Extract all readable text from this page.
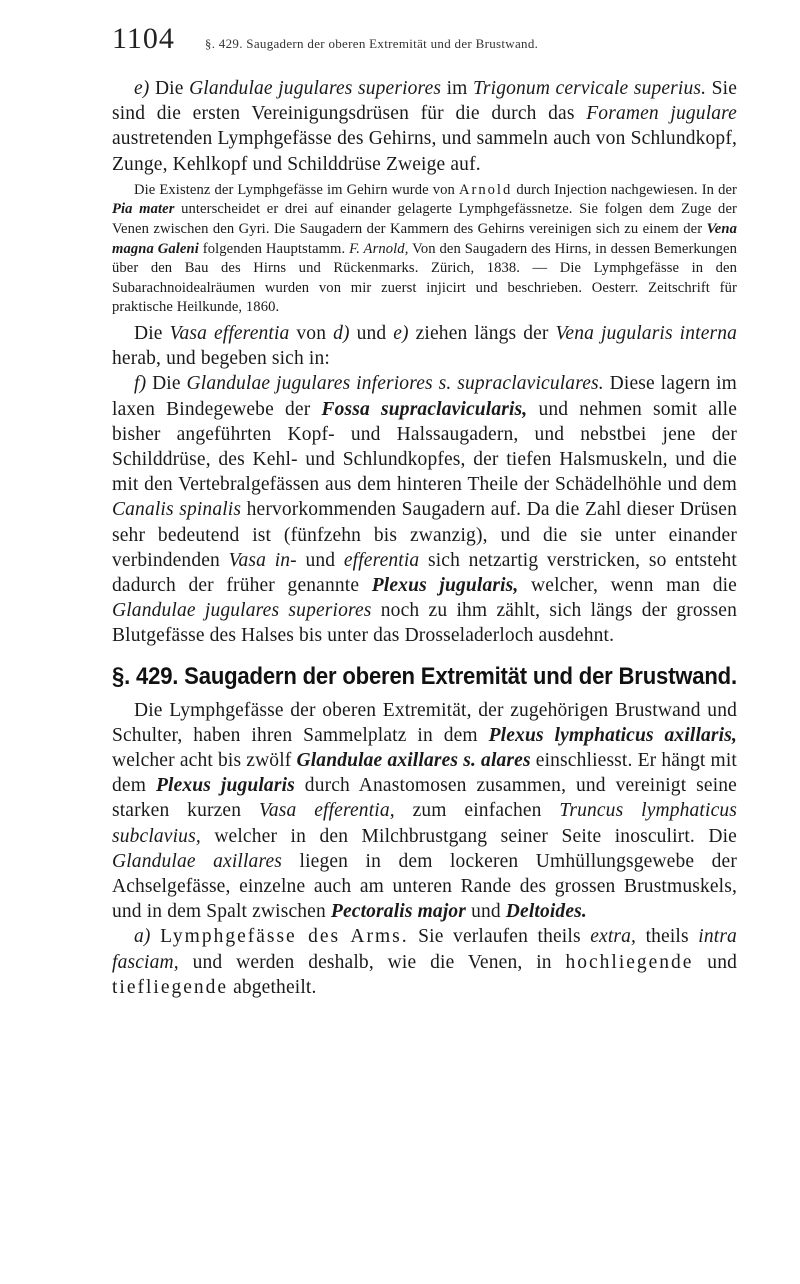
1104 §. 429. Saugadern der oberen Extremität und der Brustwand.

e) Die Glandulae jugulares superiores im Trigonum cervicale superius. Sie sind die ersten Vereinigungsdrüsen für die durch das Foramen jugulare austretenden Lymphgefässe des Gehirns, und sammeln auch von Schlundkopf, Zunge, Kehlkopf und Schilddrüse Zweige auf.

Die Existenz der Lymphgefässe im Gehirn wurde von Arnold durch Injection nachgewiesen. In der Pia mater unterscheidet er drei auf einander gelagerte Lymphgefässnetze. Sie folgen dem Zuge der Venen zwischen den Gyri. Die Saugadern der Kammern des Gehirns vereinigen sich zu einem der Vena magna Galeni folgenden Hauptstamm. F. Arnold, Von den Saugadern des Hirns, in dessen Bemerkungen über den Bau des Hirns und Rückenmarks. Zürich, 1838. — Die Lymphgefässe in den Subarachnoidealräumen wurden von mir zuerst injicirt und beschrieben. Oesterr. Zeitschrift für praktische Heilkunde, 1860.

Die Vasa efferentia von d) und e) ziehen längs der Vena jugularis interna herab, und begeben sich in:

f) Die Glandulae jugulares inferiores s. supraclaviculares. Diese lagern im laxen Bindegewebe der Fossa supraclavicularis, und nehmen somit alle bisher angeführten Kopf- und Halssaugadern, und nebstbei jene der Schilddrüse, des Kehl- und Schlundkopfes, der tiefen Halsmuskeln, und die mit den Vertebralgefässen aus dem hinteren Theile der Schädelhöhle und dem Canalis spinalis hervorkommenden Saugadern auf. Da die Zahl dieser Drüsen sehr bedeutend ist (fünfzehn bis zwanzig), und die sie unter einander verbindenden Vasa in- und efferentia sich netzartig verstricken, so entsteht dadurch der früher genannte Plexus jugularis, welcher, wenn man die Glandulae jugulares superiores noch zu ihm zählt, sich längs der grossen Blutgefässe des Halses bis unter das Drosseladerloch ausdehnt.

§. 429. Saugadern der oberen Extremität und der Brustwand.

Die Lymphgefässe der oberen Extremität, der zugehörigen Brustwand und Schulter, haben ihren Sammelplatz in dem Plexus lymphaticus axillaris, welcher acht bis zwölf Glandulae axillares s. alares einschliesst. Er hängt mit dem Plexus jugularis durch Anastomosen zusammen, und vereinigt seine starken kurzen Vasa efferentia, zum einfachen Truncus lymphaticus subclavius, welcher in den Milchbrustgang seiner Seite inosculirt. Die Glandulae axillares liegen in dem lockeren Umhüllungsgewebe der Achselgefässe, einzelne auch am unteren Rande des grossen Brustmuskels, und in dem Spalt zwischen Pectoralis major und Deltoides.

a) Lymphgefässe des Arms. Sie verlaufen theils extra, theils intra fasciam, und werden deshalb, wie die Venen, in hochliegende und tiefliegende abgetheilt.
